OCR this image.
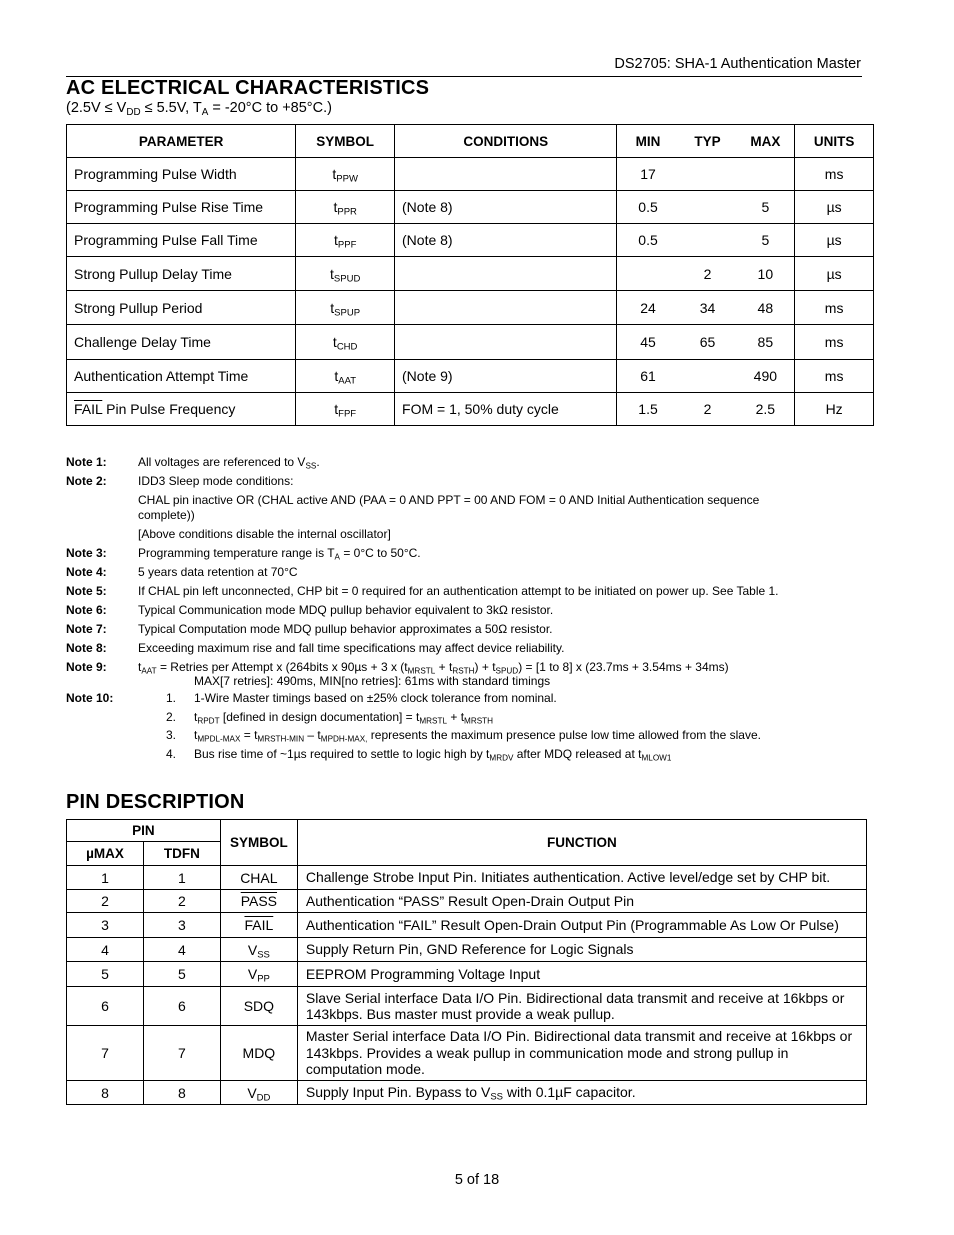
DS2705: SHA-1 Authentication Master
AC ELECTRICAL CHARACTERISTICS
($2.5V \le V_{DD} \le 5.5V$, $T_A = -20^\circ C$ to +85°C.)
PARAMETER	SYMBOL	CONDITIONS	MIN	TYP	MAX	UNITS
Programming Pulse Width	$t_{PPW}$		17			ms
Programming Pulse Rise Time	$t_{PPR}$	(Note 8)	0.5		5	µs
Programming Pulse Fall Time	$t_{PPF}$	(Note 8)	0.5		5	µs
Strong Pullup Delay Time	$t_{SPUD}$			2	10	µs
Strong Pullup Period	$t_{SPUP}$		24	34	48	ms
Challenge Delay Time	$t_{CHD}$		45	65	85	ms
Authentication Attempt Time	$t_{AAT}$	(Note 9)	61		490	ms
FAIL Pin Pulse Frequency	$t_{FPF}$	FOM = 1, 50% duty cycle	1.5	2	2.5	Hz
Note 1:	All voltages are referenced to $V_{SS}$.
Note 2:	IDD3 Sleep mode conditions:
CHAL pin inactive OR (CHAL active AND (PAA = 0 AND PPT = 00 AND FOM = 0 AND Initial Authentication sequence complete))
[Above conditions disable the internal oscillator]
Note 3:	Programming temperature range is $T_A = 0^\circ C$ to 50°C.
Note 4:	5 years data retention at 70°C
Note 5:	If CHAL pin left unconnected, CHP bit = 0 required for an authentication attempt to be initiated on power up. See Table 1.
Note 6:	Typical Communication mode MDQ pullup behavior equivalent to 3kΩ resistor.
Note 7:	Typical Computation mode MDQ pullup behavior approximates a 50Ω resistor.
Note 8:	Exceeding maximum rise and fall time specifications may affect device reliability.
Note 9:	$t_{AAT}$ = Retries per Attempt x (264bits x 90µs + 3 x $(t_{MRSTL} + t_{RSTH}) + t_{SPUD}) = [1$ to 8] x (23.7ms + 3.54ms + 34ms)
MAX[7 retries]: 490ms, MIN[no retries]: 61ms with standard timings
Note 10:	1. 1-Wire Master timings based on ±25% clock tolerance from nominal.
2. $t_{RPDT}$ [defined in design documentation] = $t_{MRSTL} + t_{MRSTH}$
3. $t_{MPDL-MAX} = t_{MRSTH-MIN} - t_{MPDH-MAX,}$ represents the maximum presence pulse low time allowed from the slave.
4. Bus rise time of ~1µs required to settle to logic high by $t_{MRDV}$ after MDQ released at $t_{MLOW1}$
PIN DESCRIPTION
PIN		SYMBOL	FUNCTION
µMAX	TDFN		
1	1	CHAL	Challenge Strobe Input Pin. Initiates authentication. Active level/edge set by CHP bit.
2	2	PASS	Authentication “PASS” Result Open-Drain Output Pin
3	3	FAIL	Authentication “FAIL” Result Open-Drain Output Pin (Programmable As Low Or Pulse)
4	4	$V_{SS}$	Supply Return Pin, GND Reference for Logic Signals
5	5	$V_{PP}$	EEPROM Programming Voltage Input
6	6	SDQ	Slave Serial interface Data I/O Pin. Bidirectional data transmit and receive at 16kbps or 143kbps. Bus master must provide a weak pullup.
7	7	MDQ	Master Serial interface Data I/O Pin. Bidirectional data transmit and receive at 16kbps or 143kbps. Provides a weak pullup in communication mode and strong pullup in computation mode.
8	8	$V_{DD}$	Supply Input Pin. Bypass to $V_{SS}$ with 0.1µF capacitor.
5 of 18
